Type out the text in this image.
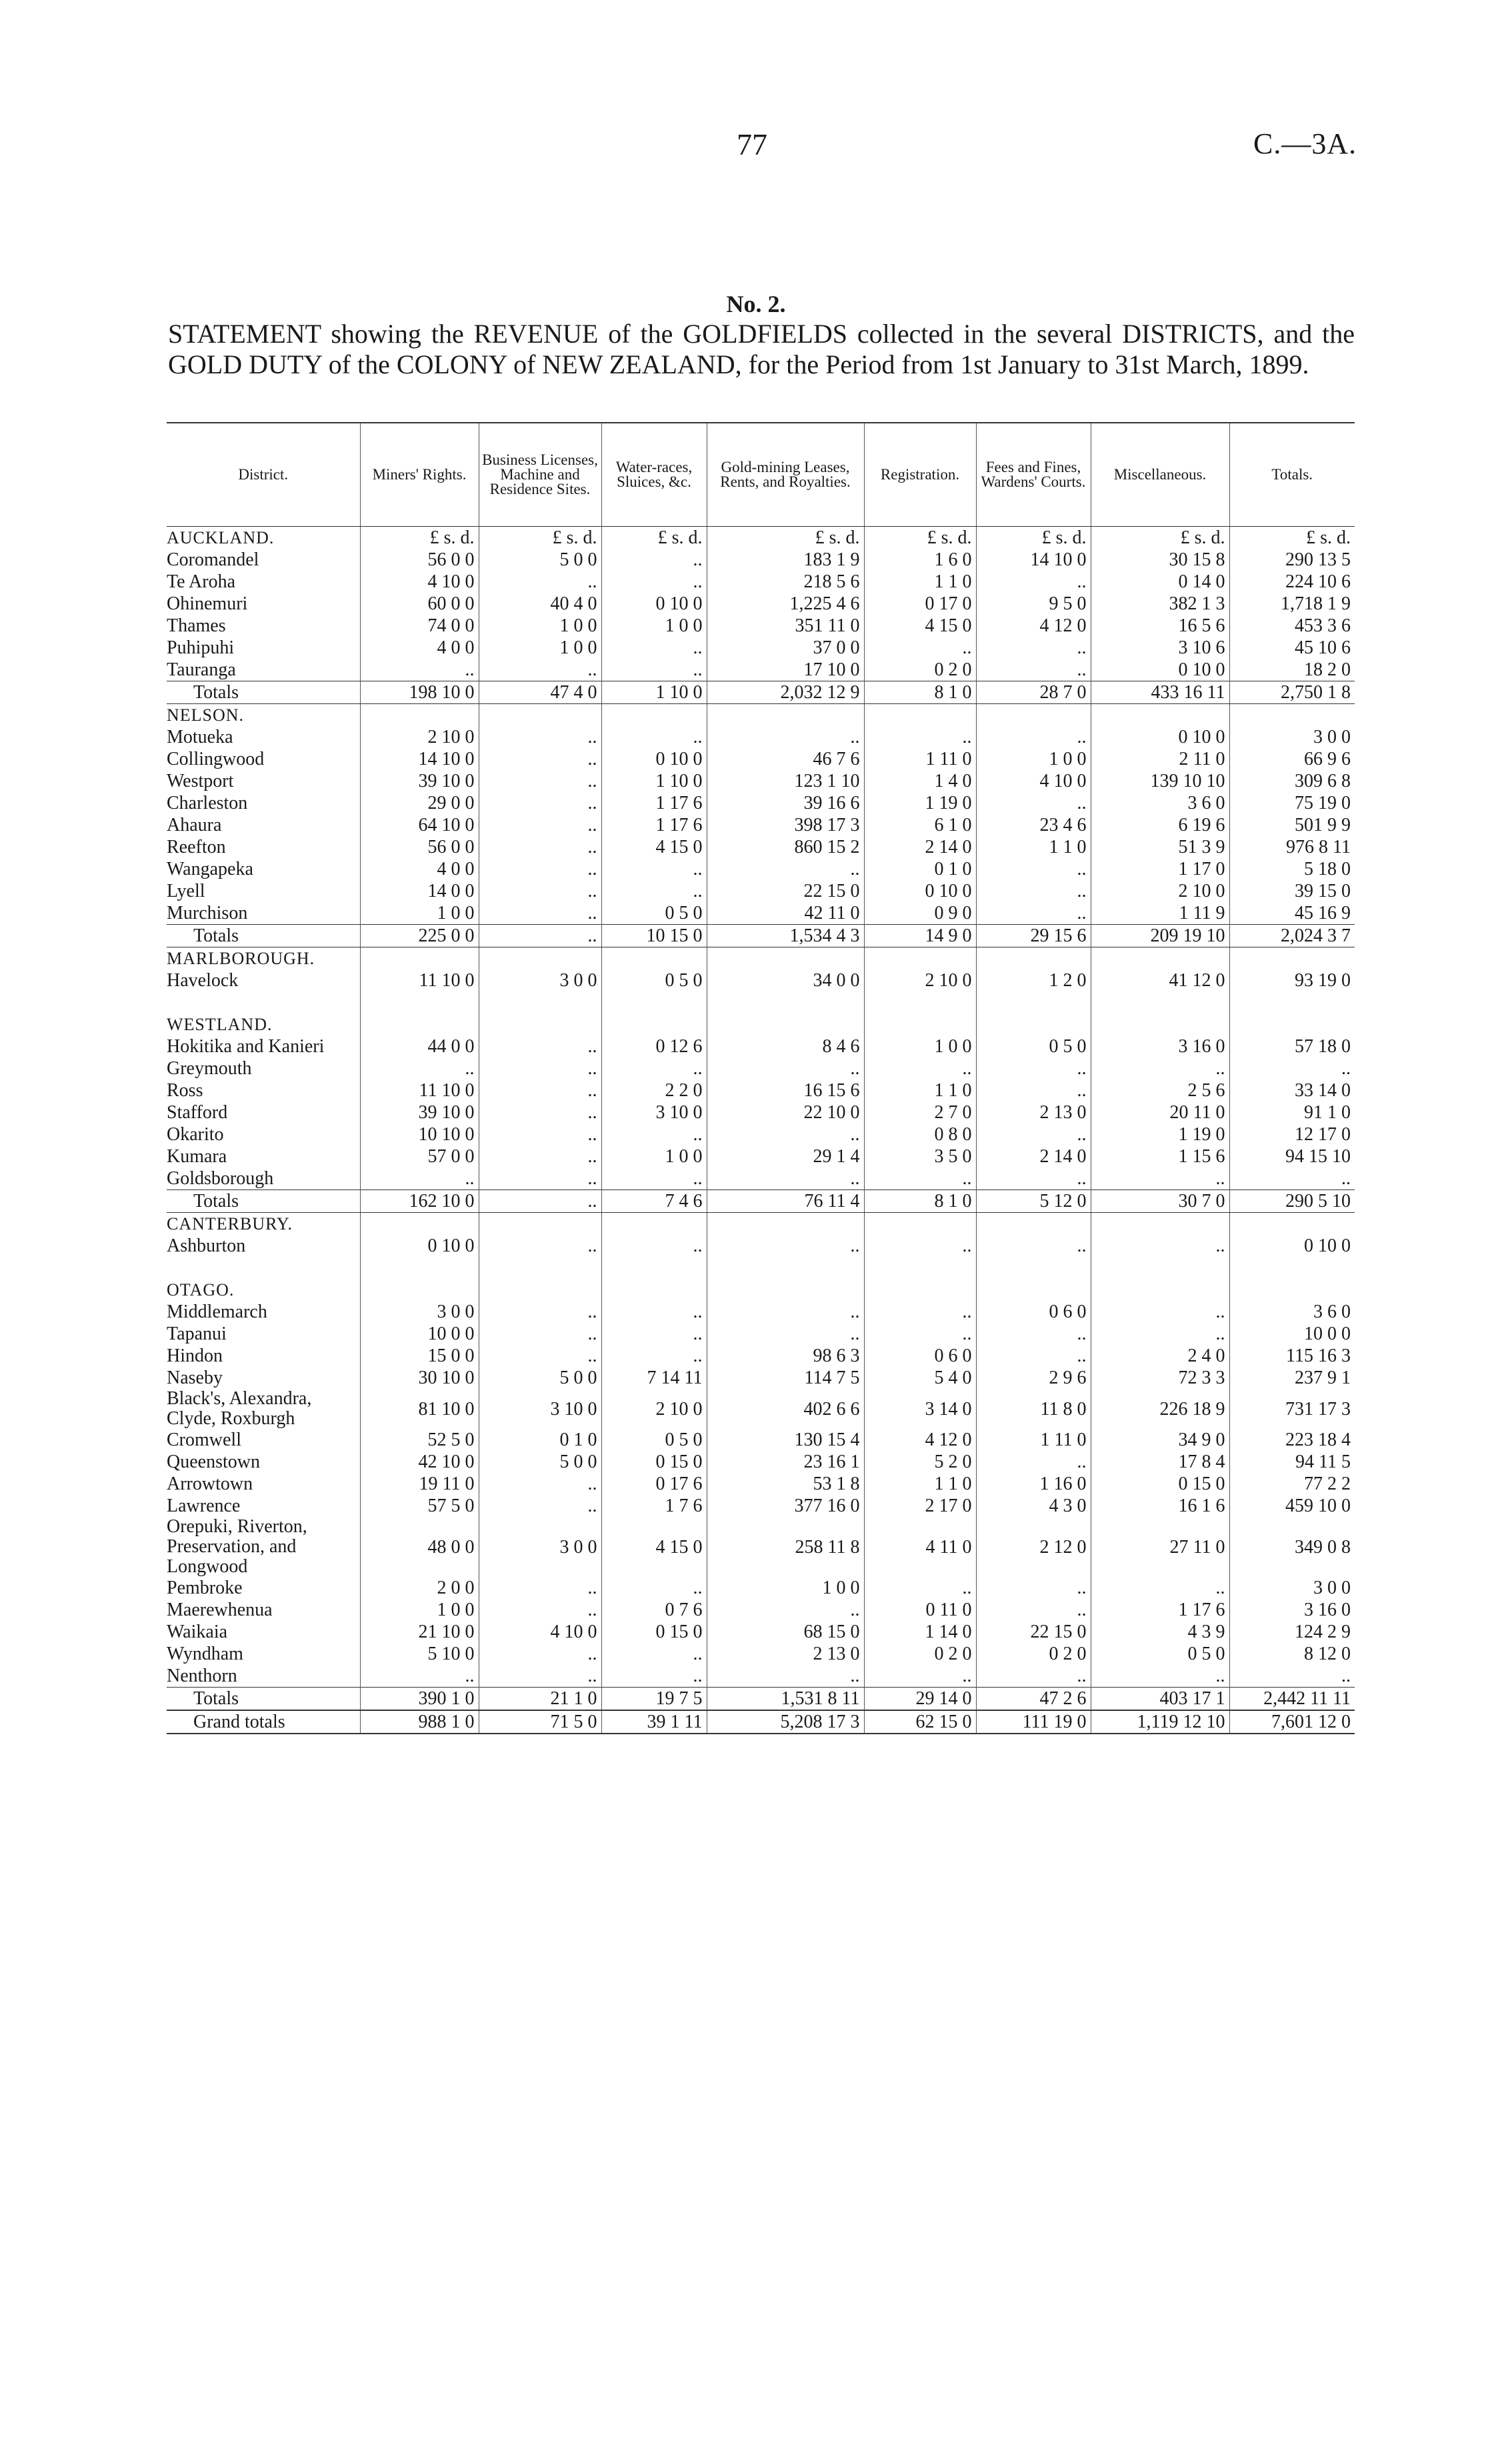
77	C.—3A.
No. 2.
STATEMENT showing the REVENUE of the GOLDFIELDS collected in the several DISTRICTS, and the GOLD DUTY of the COLONY of NEW ZEALAND, for the Period from 1st January to 31st March, 1899.
District.	Miners' Rights.	Business Licenses, Machine and Residence Sites.	Water-races, Sluices, &c.	Gold-mining Leases, Rents, and Royalties.	Registration.	Fees and Fines, Wardens' Courts.	Miscellaneous.	Totals.
AUCKLAND.	£ s. d.	£ s. d.	£ s. d.	£ s. d.	£ s. d.	£ s. d.	£ s. d.	£ s. d.
Coromandel	56 0 0	5 0 0	..	183 1 9	1 6 0	14 10 0	30 15 8	290 13 5
Te Aroha	4 10 0	..	..	218 5 6	1 1 0	..	0 14 0	224 10 6
Ohinemuri	60 0 0	40 4 0	0 10 0	1,225 4 6	0 17 0	9 5 0	382 1 3	1,718 1 9
Thames	74 0 0	1 0 0	1 0 0	351 11 0	4 15 0	4 12 0	16 5 6	453 3 6
Puhipuhi	4 0 0	1 0 0	..	37 0 0	..	..	3 10 6	45 10 6
Tauranga	..	..	..	17 10 0	0 2 0	..	0 10 0	18 2 0
Totals	198 10 0	47 4 0	1 10 0	2,032 12 9	8 1 0	28 7 0	433 16 11	2,750 1 8
NELSON.								
Motueka	2 10 0	..	..	..	..	..	0 10 0	3 0 0
Collingwood	14 10 0	..	0 10 0	46 7 6	1 11 0	1 0 0	2 11 0	66 9 6
Westport	39 10 0	..	1 10 0	123 1 10	1 4 0	4 10 0	139 10 10	309 6 8
Charleston	29 0 0	..	1 17 6	39 16 6	1 19 0	..	3 6 0	75 19 0
Ahaura	64 10 0	..	1 17 6	398 17 3	6 1 0	23 4 6	6 19 6	501 9 9
Reefton	56 0 0	..	4 15 0	860 15 2	2 14 0	1 1 0	51 3 9	976 8 11
Wangapeka	4 0 0	..	..	..	0 1 0	..	1 17 0	5 18 0
Lyell	14 0 0	..	..	22 15 0	0 10 0	..	2 10 0	39 15 0
Murchison	1 0 0	..	0 5 0	42 11 0	0 9 0	..	1 11 9	45 16 9
Totals	225 0 0	..	10 15 0	1,534 4 3	14 9 0	29 15 6	209 19 10	2,024 3 7
MARLBOROUGH.								
Havelock	11 10 0	3 0 0	0 5 0	34 0 0	2 10 0	1 2 0	41 12 0	93 19 0

WESTLAND.								
Hokitika and Kanieri	44 0 0	..	0 12 6	8 4 6	1 0 0	0 5 0	3 16 0	57 18 0
Greymouth	..	..	..	..	..	..	..	..
Ross	11 10 0	..	2 2 0	16 15 6	1 1 0	..	2 5 6	33 14 0
Stafford	39 10 0	..	3 10 0	22 10 0	2 7 0	2 13 0	20 11 0	91 1 0
Okarito	10 10 0	..	..	..	0 8 0	..	1 19 0	12 17 0
Kumara	57 0 0	..	1 0 0	29 1 4	3 5 0	2 14 0	1 15 6	94 15 10
Goldsborough	..	..	..	..	..	..	..	..
Totals	162 10 0	..	7 4 6	76 11 4	8 1 0	5 12 0	30 7 0	290 5 10
CANTERBURY.								
Ashburton	0 10 0	..	..	..	..	..	..	0 10 0

OTAGO.								
Middlemarch	3 0 0	..	..	..	..	0 6 0	..	3 6 0
Tapanui	10 0 0	..	..	..	..	..	..	10 0 0
Hindon	15 0 0	..	..	98 6 3	0 6 0	..	2 4 0	115 16 3
Naseby	30 10 0	5 0 0	7 14 11	114 7 5	5 4 0	2 9 6	72 3 3	237 9 1
Black's, Alexandra, Clyde, Roxburgh	81 10 0	3 10 0	2 10 0	402 6 6	3 14 0	11 8 0	226 18 9	731 17 3
Cromwell	52 5 0	0 1 0	0 5 0	130 15 4	4 12 0	1 11 0	34 9 0	223 18 4
Queenstown	42 10 0	5 0 0	0 15 0	23 16 1	5 2 0	..	17 8 4	94 11 5
Arrowtown	19 11 0	..	0 17 6	53 1 8	1 1 0	1 16 0	0 15 0	77 2 2
Lawrence	57 5 0	..	1 7 6	377 16 0	2 17 0	4 3 0	16 1 6	459 10 0
Orepuki, Riverton, Preservation, and Longwood	48 0 0	3 0 0	4 15 0	258 11 8	4 11 0	2 12 0	27 11 0	349 0 8
Pembroke	2 0 0	..	..	1 0 0	..	..	..	3 0 0
Maerewhenua	1 0 0	..	0 7 6	..	0 11 0	..	1 17 6	3 16 0
Waikaia	21 10 0	4 10 0	0 15 0	68 15 0	1 14 0	22 15 0	4 3 9	124 2 9
Wyndham	5 10 0	..	..	2 13 0	0 2 0	0 2 0	0 5 0	8 12 0
Nenthorn	..	..	..	..	..	..	..	..
Totals	390 1 0	21 1 0	19 7 5	1,531 8 11	29 14 0	47 2 6	403 17 1	2,442 11 11
Grand totals	988 1 0	71 5 0	39 1 11	5,208 17 3	62 15 0	111 19 0	1,119 12 10	7,601 12 0
